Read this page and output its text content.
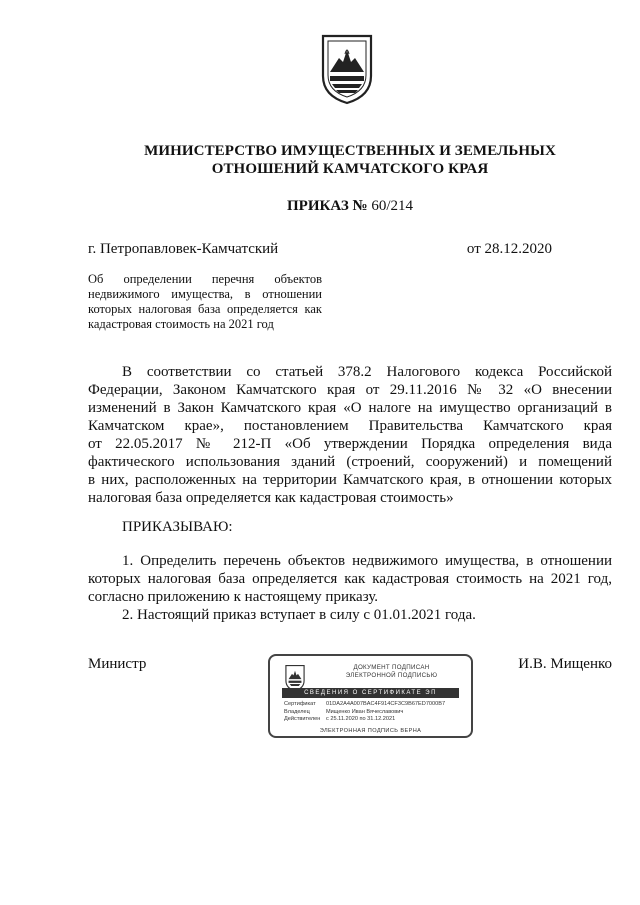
МИНИСТЕРСТВО ИМУЩЕСТВЕННЫХ И ЗЕМЕЛЬНЫХ
ОТНОШЕНИЙ КАМЧАТСКОГО КРАЯ
ПРИКАЗ № 60/214
г. Петропавловек-Камчатский	от 28.12.2020
Об определении перечня объектов
недвижимого имущества, в отношении
которых налоговая база определяется как
кадастровая стоимость на 2021 год
В соответствии со статьей 378.2 Налогового кодекса Российской
Федерации, Законом Камчатского края от 29.11.2016 № 32 «О внесении
изменений в Закон Камчатского края «О налоге на имущество организаций в
Камчатском крае», постановлением Правительства Камчатского края
от 22.05.2017 № 212-П «Об утверждении Порядка определения вида
фактического использования зданий (строений, сооружений) и помещений
в них, расположенных на территории Камчатского края, в отношении которых
налоговая база определяется как кадастровая стоимость»
ПРИКАЗЫВАЮ:
1. Определить перечень объектов недвижимого имущества, в отношении
которых налоговая база определяется как кадастровая стоимость на 2021 год,
согласно приложению к настоящему приказу.
2. Настоящий приказ вступает в силу с 01.01.2021 года.
Министр	И.В. Мищенко
ДОКУМЕНТ ПОДПИСАН
ЭЛЕКТРОННОЙ ПОДПИСЬЮ
СВЕДЕНИЯ О СЕРТИФИКАТЕ ЭП
Сертификат 01DA2A4A007BAC4F914CF3C9B67ED7000B7
Владелец	Мищенко Иван Вячеславович
Действителен с 25.11.2020 по 31.12.2021
ЭЛЕКТРОННАЯ ПОДПИСЬ ВЕРНА
